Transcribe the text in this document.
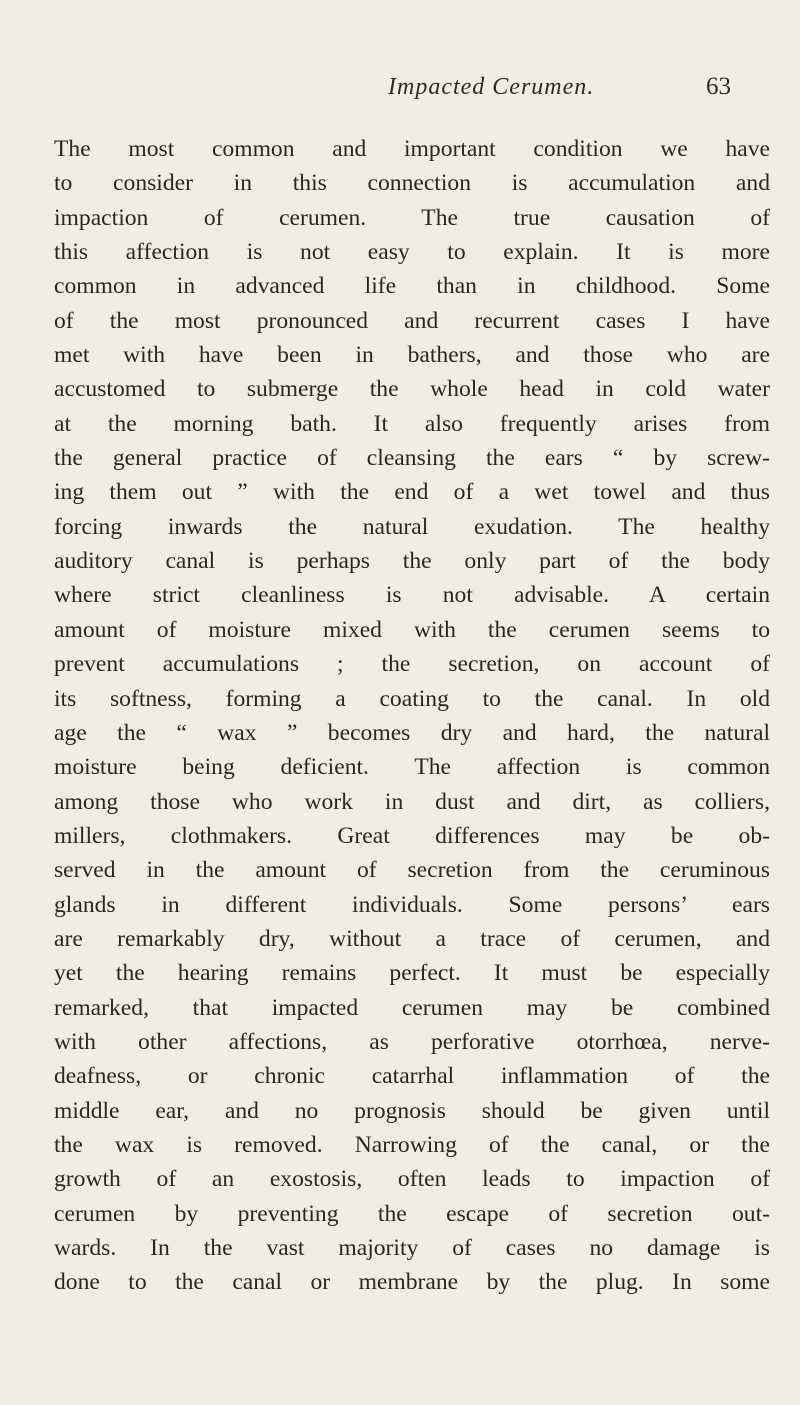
Impacted Cerumen.	63
The most common and important condition we have
to consider in this connection is accumulation and
impaction of cerumen. The true causation of
this affection is not easy to explain. It is more
common in advanced life than in childhood. Some
of the most pronounced and recurrent cases I have
met with have been in bathers, and those who are
accustomed to submerge the whole head in cold water
at the morning bath. It also frequently arises from
the general practice of cleansing the ears “ by screw-
ing them out ” with the end of a wet towel and thus
forcing inwards the natural exudation. The healthy
auditory canal is perhaps the only part of the body
where strict cleanliness is not advisable. A certain
amount of moisture mixed with the cerumen seems to
prevent accumulations ; the secretion, on account of
its softness, forming a coating to the canal. In old
age the “ wax ” becomes dry and hard, the natural
moisture being deficient. The affection is common
among those who work in dust and dirt, as colliers,
millers, clothmakers. Great differences may be ob-
served in the amount of secretion from the ceruminous
glands in different individuals. Some persons’ ears
are remarkably dry, without a trace of cerumen, and
yet the hearing remains perfect. It must be especially
remarked, that impacted cerumen may be combined
with other affections, as perforative otorrhœa, nerve-
deafness, or chronic catarrhal inflammation of the
middle ear, and no prognosis should be given until
the wax is removed. Narrowing of the canal, or the
growth of an exostosis, often leads to impaction of
cerumen by preventing the escape of secretion out-
wards. In the vast majority of cases no damage is
done to the canal or membrane by the plug. In some
